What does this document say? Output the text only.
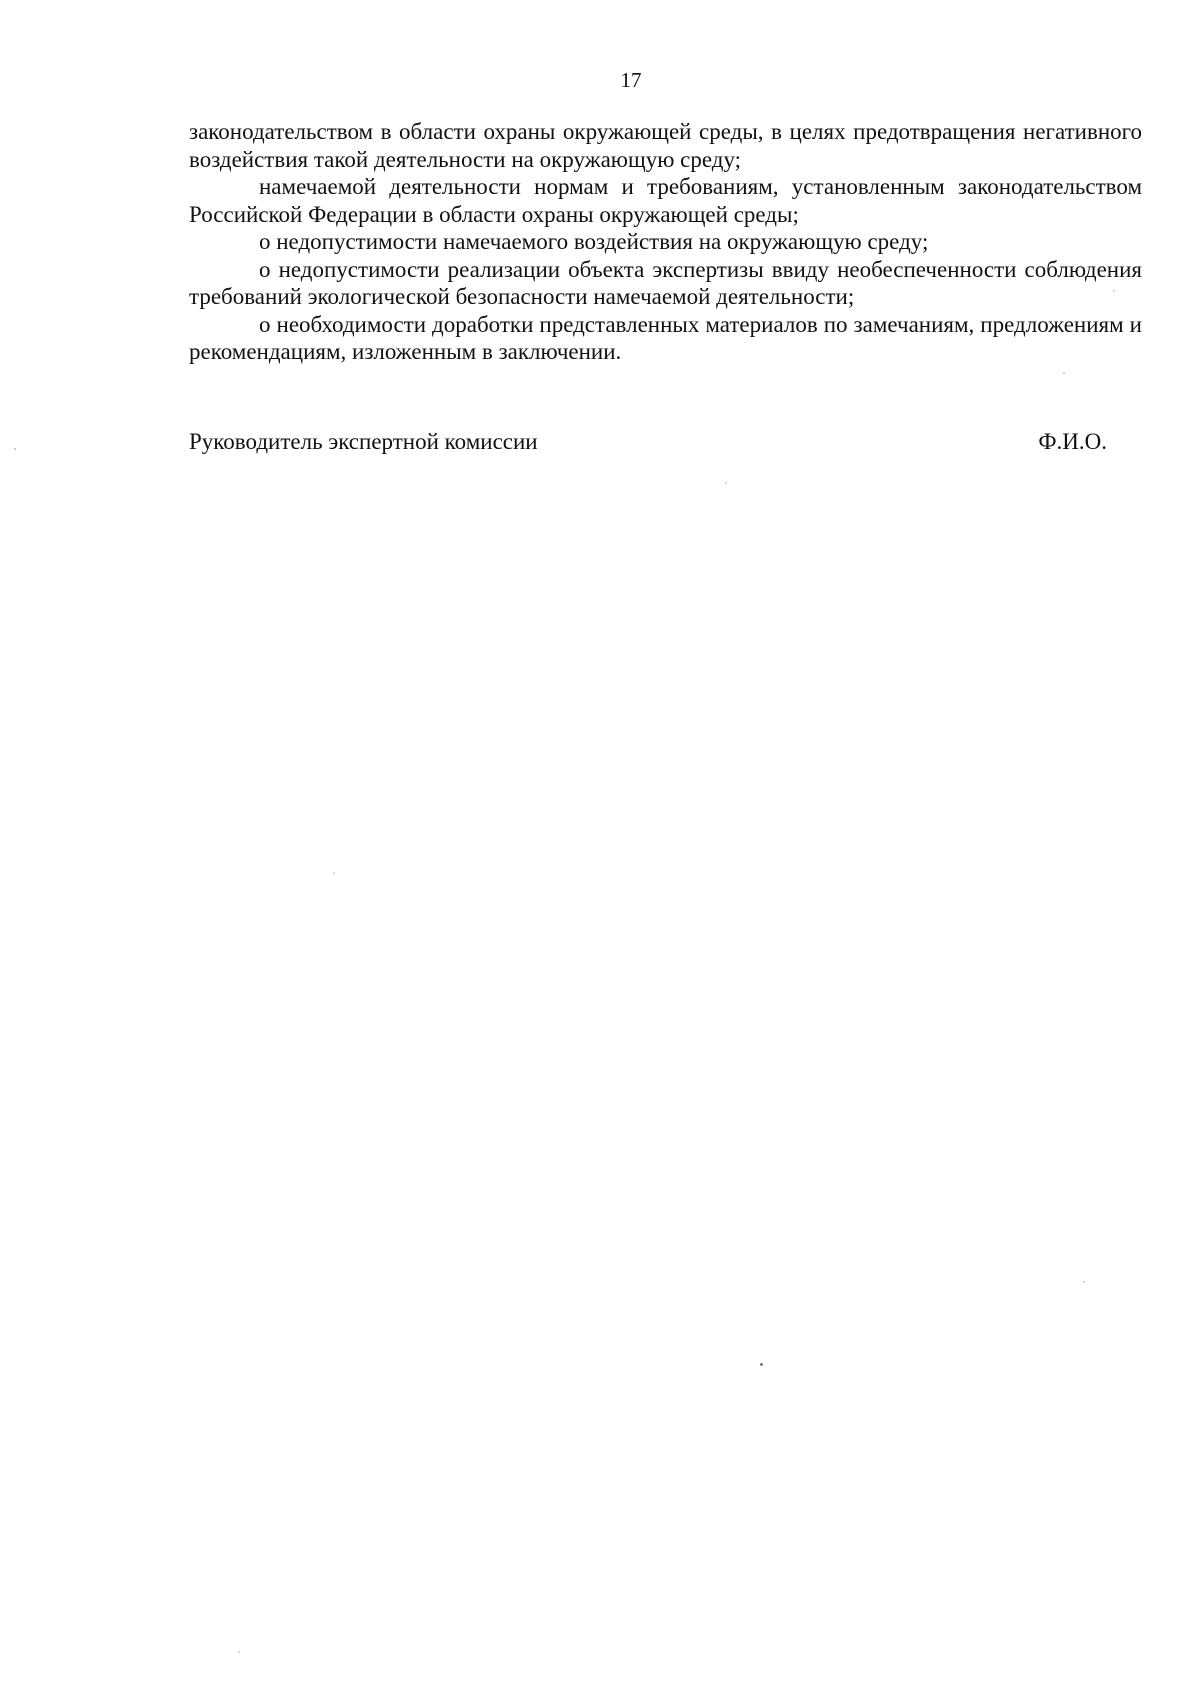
17

законодательством в области охраны окружающей среды, в целях предотвращения негативного воздействия такой деятельности на окружающую среду;

намечаемой деятельности нормам и требованиям, установленным законодательством Российской Федерации в области охраны окружающей среды;

о недопустимости намечаемого воздействия на окружающую среду;

о недопустимости реализации объекта экспертизы ввиду необеспеченности соблюдения требований экологической безопасности намечаемой деятельности;

о необходимости доработки представленных материалов по замечаниям, предложениям и рекомендациям, изложенным в заключении.

Руководитель экспертной комиссии	Ф.И.О.
